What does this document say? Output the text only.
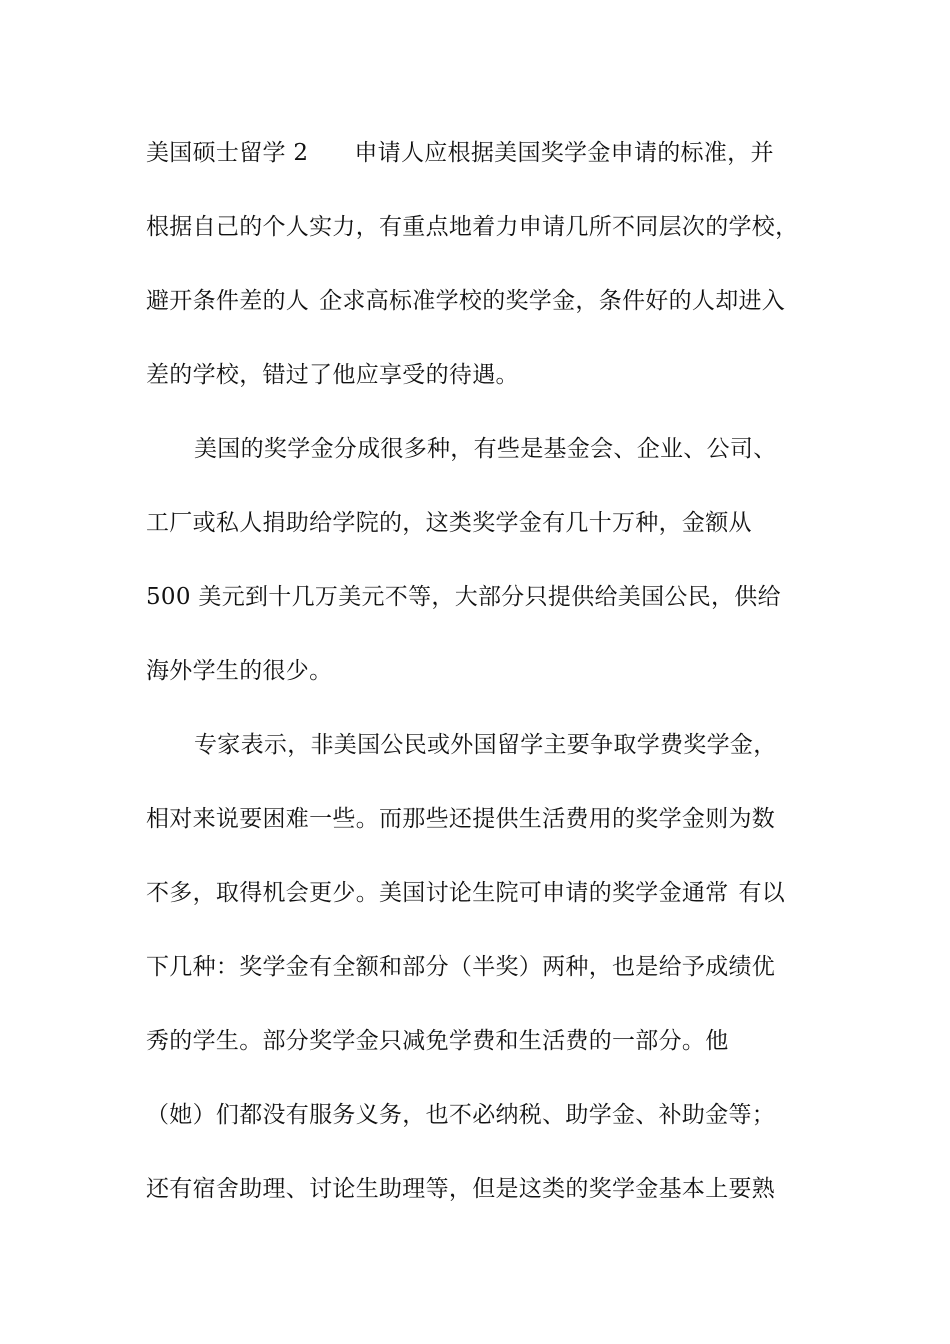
美国硕士留学 2 申请人应根据美国奖学金申请的标准，并
根据自己的个人实力，有重点地着力申请几所不同层次的学校，
避开条件差的人 企求高标准学校的奖学金，条件好的人却进入
差的学校，错过了他应享受的待遇。
美国的奖学金分成很多种，有些是基金会、企业、公司、
工厂或私人捐助给学院的，这类奖学金有几十万种，金额从
500 美元到十几万美元不等，大部分只提供给美国公民，供给
海外学生的很少。
专家表示，非美国公民或外国留学主要争取学费奖学金，
相对来说要困难一些。而那些还提供生活费用的奖学金则为数
不多，取得机会更少。美国讨论生院可申请的奖学金通常 有以
下几种：奖学金有全额和部分（半奖）两种，也是给予成绩优
秀的学生。部分奖学金只减免学费和生活费的一部分。他
（她）们都没有服务义务，也不必纳税、助学金、补助金等；
还有宿舍助理、讨论生助理等，但是这类的奖学金基本上要熟
